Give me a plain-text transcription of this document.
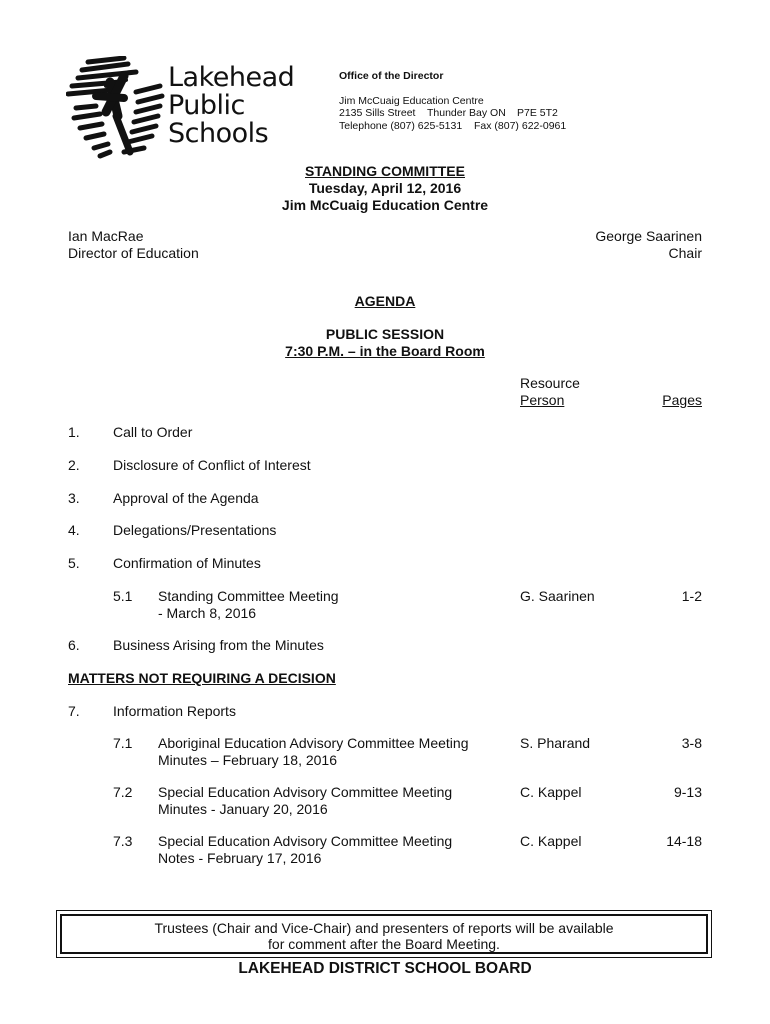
Lakehead
Public
Schools
Office of the Director
Jim McCuaig Education Centre
2135 Sills Street Thunder Bay ON P7E 5T2
Telephone (807) 625-5131 Fax (807) 622-0961
STANDING COMMITTEE
Tuesday, April 12, 2016
Jim McCuaig Education Centre
Ian MacRae
Director of Education
George Saarinen
Chair
AGENDA
PUBLIC SESSION
7:30 P.M. – in the Board Room
Resource
Person	Pages
1. Call to Order
2. Disclosure of Conflict of Interest
3. Approval of the Agenda
4. Delegations/Presentations
5. Confirmation of Minutes
5.1 Standing Committee Meeting
- March 8, 2016
G. Saarinen	1-2
6. Business Arising from the Minutes
MATTERS NOT REQUIRING A DECISION
7. Information Reports
7.1 Aboriginal Education Advisory Committee Meeting
Minutes – February 18, 2016
S. Pharand	3-8
7.2 Special Education Advisory Committee Meeting
Minutes - January 20, 2016
C. Kappel	9-13
7.3 Special Education Advisory Committee Meeting
Notes - February 17, 2016
C. Kappel	14-18
Trustees (Chair and Vice-Chair) and presenters of reports will be available
for comment after the Board Meeting.
LAKEHEAD DISTRICT SCHOOL BOARD
